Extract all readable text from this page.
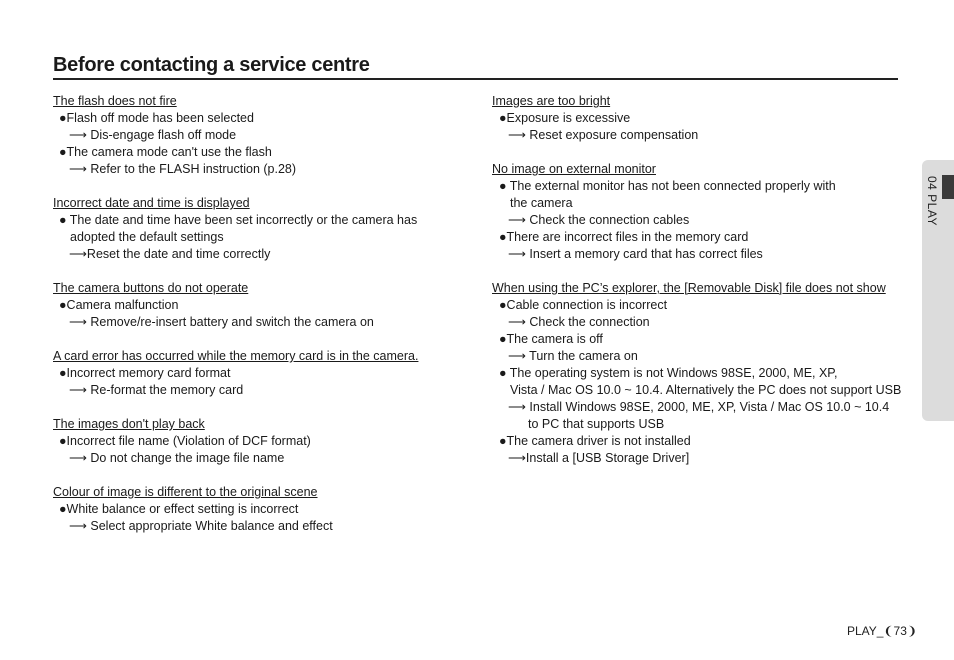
Before contacting a service centre
The flash does not fire
●Flash off mode has been selected
⟶ Dis-engage flash off mode
●The camera mode can't use the flash
⟶ Refer to the FLASH instruction (p.28)
Incorrect date and time is displayed
● The date and time have been set incorrectly or the camera has
adopted the default settings
⟶Reset the date and time correctly
The camera buttons do not operate
●Camera malfunction
⟶ Remove/re-insert battery and switch the camera on
A card error has occurred while the memory card is in the camera.
●Incorrect memory card format
⟶ Re-format the memory card
The images don't play back
●Incorrect file name (Violation of DCF format)
⟶ Do not change the image file name
Colour of image is different to the original scene
●White balance or effect setting is incorrect
⟶ Select appropriate White balance and effect
Images are too bright
●Exposure is excessive
⟶ Reset exposure compensation
No image on external monitor
● The external monitor has not been connected properly with
the camera
⟶ Check the connection cables
●There are incorrect files in the memory card
⟶ Insert a memory card that has correct files
When using the PC’s explorer, the [Removable Disk] file does not show
●Cable connection is incorrect
⟶ Check the connection
●The camera is off
⟶ Turn the camera on
● The operating system is not Windows 98SE, 2000, ME, XP,
Vista / Mac OS 10.0 ~ 10.4. Alternatively the PC does not support USB
⟶ Install Windows 98SE, 2000, ME, XP, Vista / Mac OS 10.0 ~ 10.4
to PC that supports USB
●The camera driver is not installed
⟶Install a [USB Storage Driver]
04 PLAY
PLAY_❨73❩
